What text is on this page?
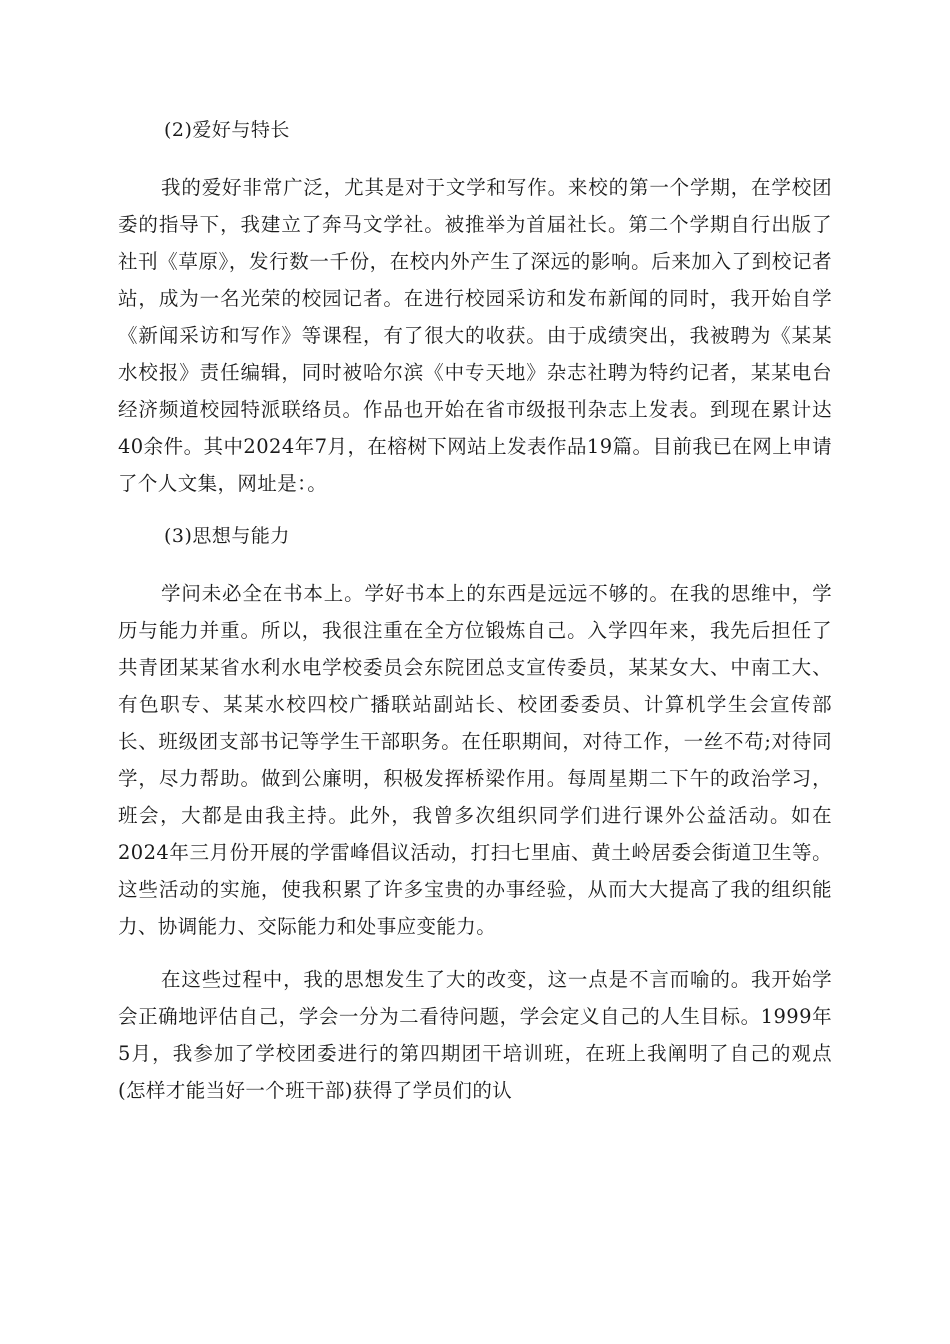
(2)爱好与特长

我的爱好非常广泛，尤其是对于文学和写作。来校的第一个学期，在学校团委的指导下，我建立了奔马文学社。被推举为首届社长。第二个学期自行出版了社刊《草原》，发行数一千份，在校内外产生了深远的影响。后来加入了到校记者站，成为一名光荣的校园记者。在进行校园采访和发布新闻的同时，我开始自学《新闻采访和写作》等课程，有了很大的收获。由于成绩突出，我被聘为《某某水校报》责任编辑，同时被哈尔滨《中专天地》杂志社聘为特约记者，某某电台经济频道校园特派联络员。作品也开始在省市级报刊杂志上发表。到现在累计达40余件。其中2024年7月，在榕树下网站上发表作品19篇。目前我已在网上申请了个人文集，网址是：。

(3)思想与能力

学问未必全在书本上。学好书本上的东西是远远不够的。在我的思维中，学历与能力并重。所以，我很注重在全方位锻炼自己。入学四年来，我先后担任了共青团某某省水利水电学校委员会东院团总支宣传委员，某某女大、中南工大、有色职专、某某水校四校广播联站副站长、校团委委员、计算机学生会宣传部长、班级团支部书记等学生干部职务。在任职期间，对待工作，一丝不苟;对待同学，尽力帮助。做到公廉明，积极发挥桥梁作用。每周星期二下午的政治学习，班会，大都是由我主持。此外，我曾多次组织同学们进行课外公益活动。如在2024年三月份开展的学雷峰倡议活动，打扫七里庙、黄土岭居委会街道卫生等。这些活动的实施，使我积累了许多宝贵的办事经验，从而大大提高了我的组织能力、协调能力、交际能力和处事应变能力。

在这些过程中，我的思想发生了大的改变，这一点是不言而喻的。我开始学会正确地评估自己，学会一分为二看待问题，学会定义自己的人生目标。1999年5月，我参加了学校团委进行的第四期团干培训班，在班上我阐明了自己的观点(怎样才能当好一个班干部)获得了学员们的认
